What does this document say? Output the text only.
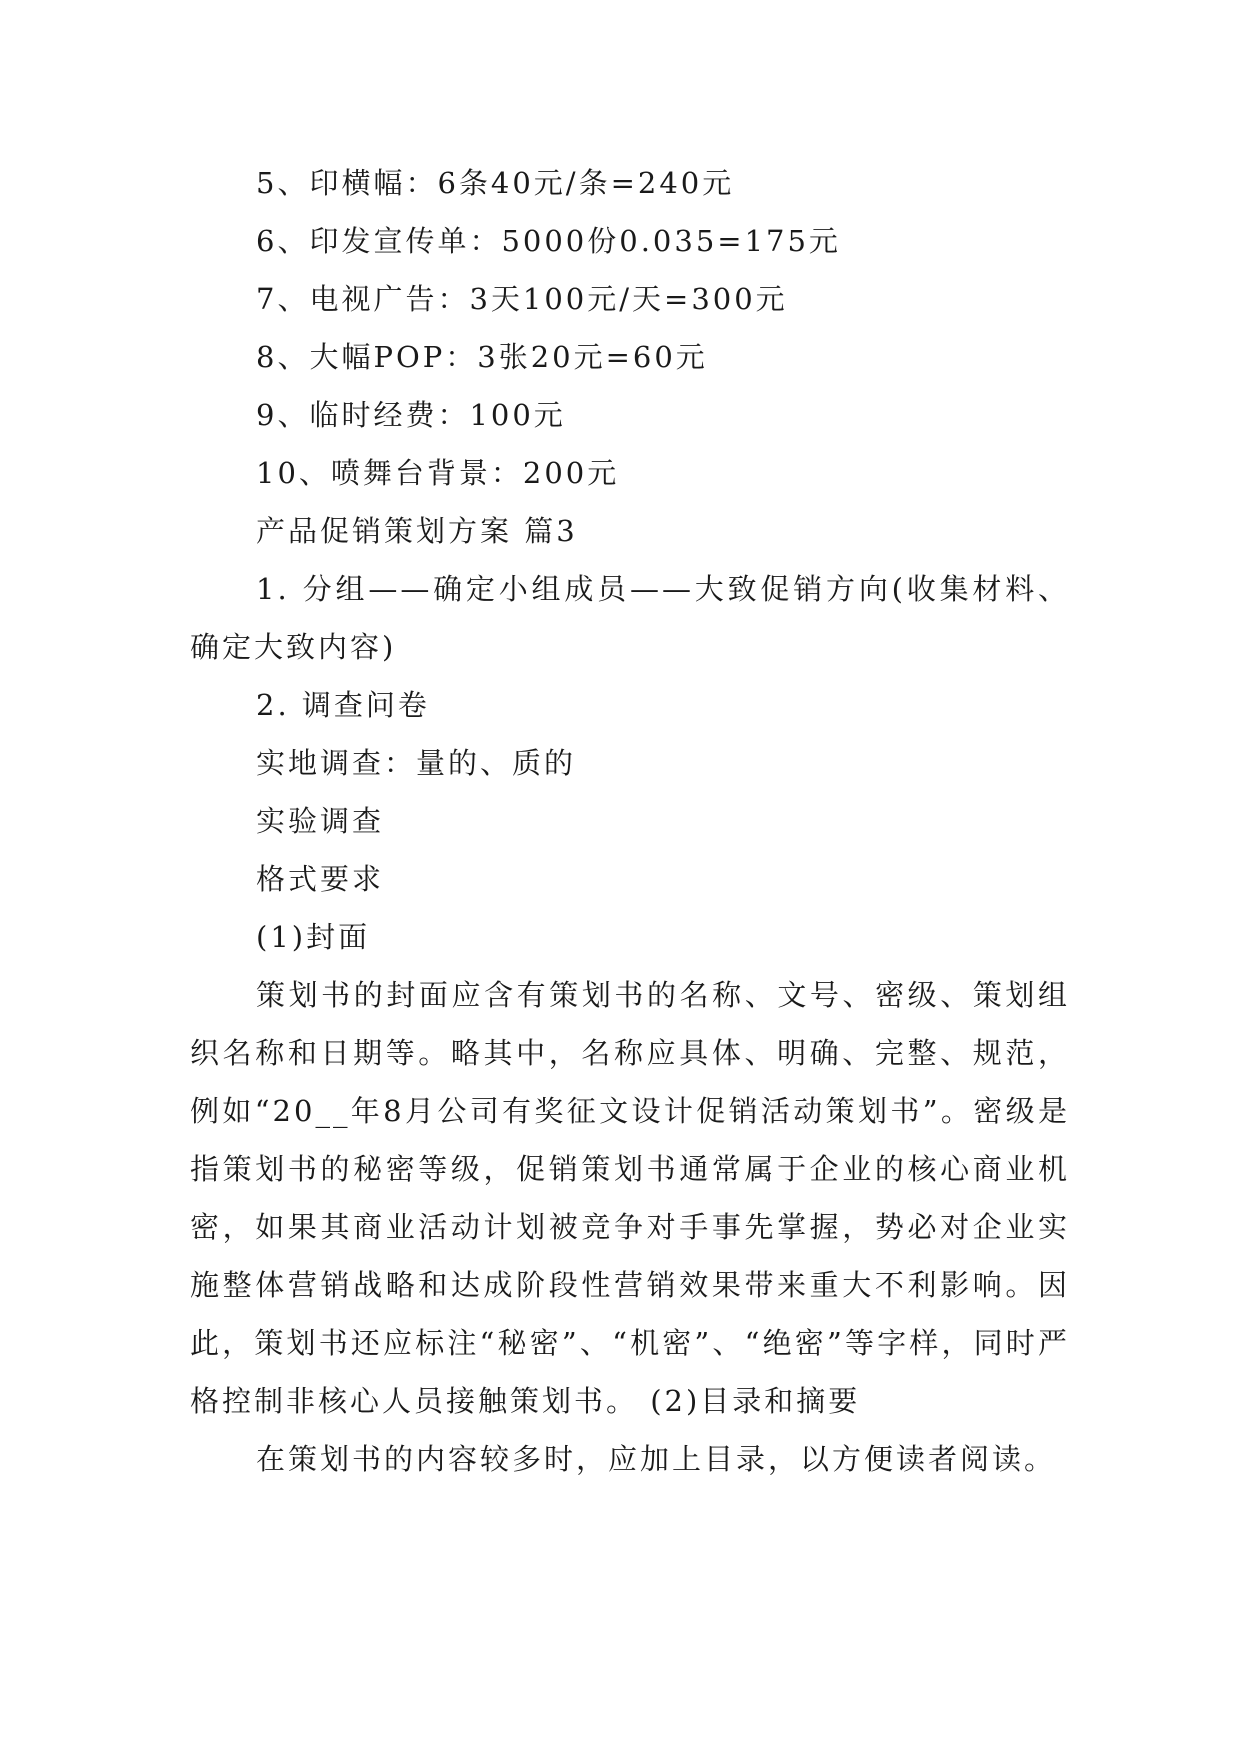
5、印横幅：6条40元/条=240元

6、印发宣传单：5000份0.035=175元

7、电视广告：3天100元/天=300元

8、大幅POP：3张20元=60元

9、临时经费：100元

10、喷舞台背景：200元

产品促销策划方案 篇3

1. 分组——确定小组成员——大致促销方向(收集材料、确定大致内容)

2. 调查问卷

实地调查：量的、质的

实验调查

格式要求

(1)封面

策划书的封面应含有策划书的名称、文号、密级、策划组织名称和日期等。略其中，名称应具体、明确、完整、规范，例如“20__年8月公司有奖征文设计促销活动策划书”。密级是指策划书的秘密等级，促销策划书通常属于企业的核心商业机密，如果其商业活动计划被竞争对手事先掌握，势必对企业实施整体营销战略和达成阶段性营销效果带来重大不利影响。因此，策划书还应标注“秘密”、“机密”、“绝密”等字样，同时严格控制非核心人员接触策划书。 (2)目录和摘要

在策划书的内容较多时，应加上目录，以方便读者阅读。
